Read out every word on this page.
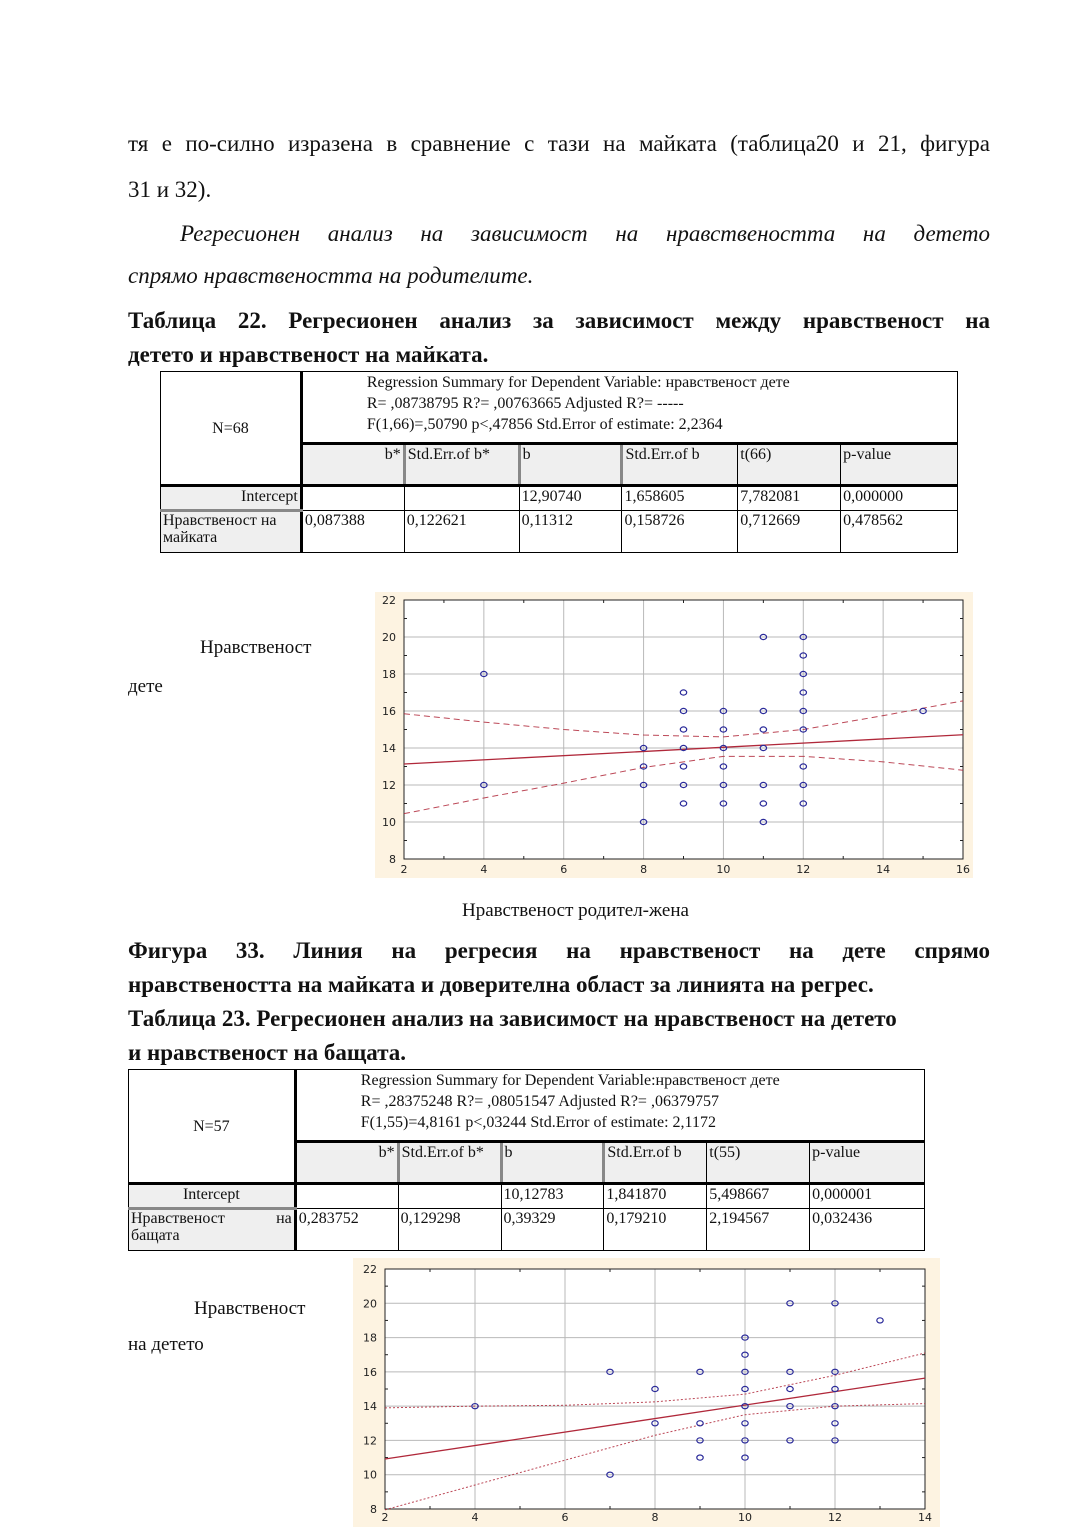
тя е по-силно изразена в сравнение с тази на майката (таблица20 и 21, фигура
31 и 32).
Регресионен анализ на зависимост на нравствеността на детето
спрямо нравствеността на родителите.
Таблица 22. Регресионен анализ за зависимост между нравственост на
детето и нравственост на майката.
N=68	Regression Summary for Dependent Variable: нравственост дете
R= ,08738795 R?= ,00763665 Adjusted R?= -----
F(1,66)=,50790 p<,47856 Std.Error of estimate: 2,2364					

	b*	Std.Err.of b*	b	Std.Err.of b	t(66)	p-value
Intercept			12,90740	1,658605	7,782081	0,000000
Нравственост на майката	0,087388	0,122621	0,11312	0,158726	0,712669	0,478562
Нравственост
дете
2	4	6	8	10	12	14	16
8
10
12
14
16
18
20
22
Нравственост родител-жена
Фигура 33. Линия на регресия на нравственост на дете спрямо
нравствеността на майката и доверителна област за линията на регрес.
Таблица 23. Регресионен анализ на зависимост на нравственост на детето
и нравственост на бащата.
N=57	Regression Summary for Dependent Variable:нравственост дете
R= ,28375248 R?= ,08051547 Adjusted R?= ,06379757
F(1,55)=4,8161 p<,03244 Std.Error of estimate: 2,1172					

	b*	Std.Err.of b*	b	Std.Err.of b	t(55)	p-value
Intercept			10,12783	1,841870	5,498667	0,000001
Нравственост на бащата	0,283752	0,129298	0,39329	0,179210	2,194567	0,032436
Нравственост
на детето
2	4	6	8	10	12	14
8
10
12
14
16
18
20
22
